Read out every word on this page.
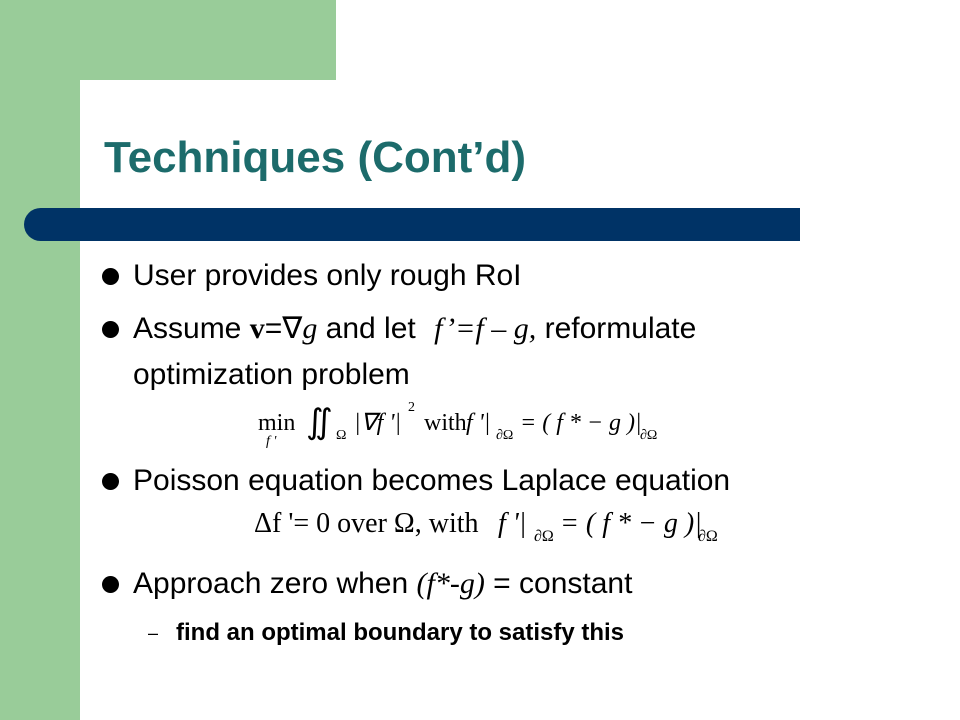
Techniques (Cont’d)
User provides only rough RoI
Assume v=∇g and let f’=f – g, reformulate
optimization problem
min
f '
∬ Ω |∇f '|
2
with f '| ∂Ω = ( f * − g )|
∂Ω
Poisson equation becomes Laplace equation
Δf '= 0 over Ω, with f '| ∂Ω = ( f * − g )|
∂Ω
Approach zero when (f*-g) = constant
– find an optimal boundary to satisfy this
